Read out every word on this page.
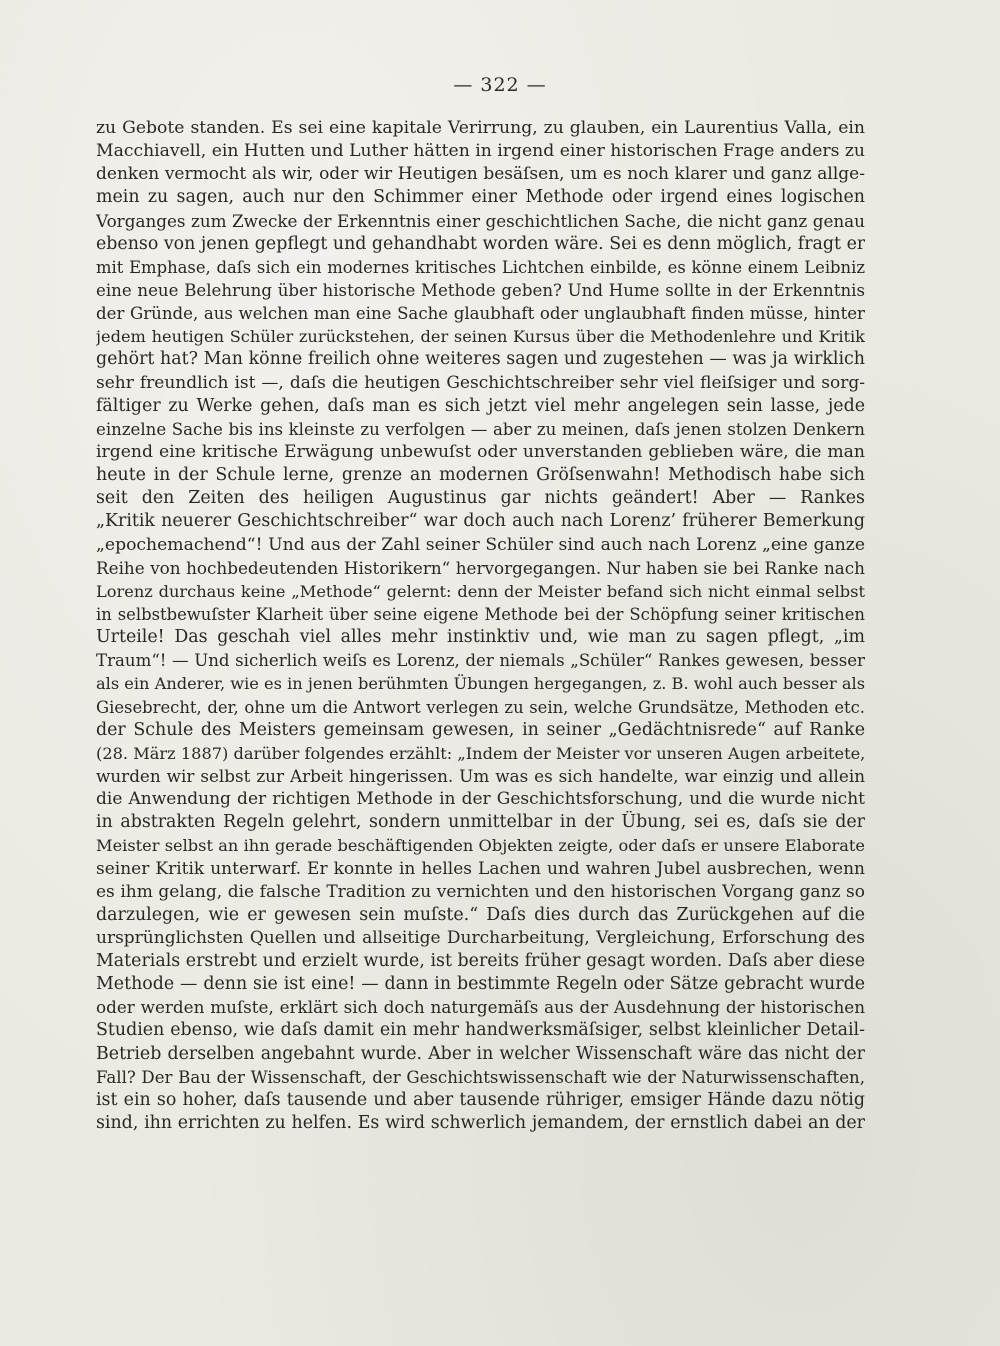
— 322 —
zu Gebote standen. Es sei eine kapitale Verirrung, zu glauben, ein Laurentius Valla, ein
Macchiavell, ein Hutten und Luther hätten in irgend einer historischen Frage anders zu
denken vermocht als wir, oder wir Heutigen besäſsen, um es noch klarer und ganz allge-
mein zu sagen, auch nur den Schimmer einer Methode oder irgend eines logischen
Vorganges zum Zwecke der Erkenntnis einer geschichtlichen Sache, die nicht ganz genau
ebenso von jenen gepflegt und gehandhabt worden wäre. Sei es denn möglich, fragt er
mit Emphase, daſs sich ein modernes kritisches Lichtchen einbilde, es könne einem Leibniz
eine neue Belehrung über historische Methode geben? Und Hume sollte in der Erkenntnis
der Gründe, aus welchen man eine Sache glaubhaft oder unglaubhaft finden müsse, hinter
jedem heutigen Schüler zurückstehen, der seinen Kursus über die Methodenlehre und Kritik
gehört hat? Man könne freilich ohne weiteres sagen und zugestehen — was ja wirklich
sehr freundlich ist —, daſs die heutigen Geschichtschreiber sehr viel fleiſsiger und sorg-
fältiger zu Werke gehen, daſs man es sich jetzt viel mehr angelegen sein lasse, jede
einzelne Sache bis ins kleinste zu verfolgen — aber zu meinen, daſs jenen stolzen Denkern
irgend eine kritische Erwägung unbewuſst oder unverstanden geblieben wäre, die man
heute in der Schule lerne, grenze an modernen Gröſsenwahn! Methodisch habe sich
seit den Zeiten des heiligen Augustinus gar nichts geändert! Aber — Rankes
„Kritik neuerer Geschichtschreiber“ war doch auch nach Lorenz’ früherer Bemerkung
„epochemachend“! Und aus der Zahl seiner Schüler sind auch nach Lorenz „eine ganze
Reihe von hochbedeutenden Historikern“ hervorgegangen. Nur haben sie bei Ranke nach
Lorenz durchaus keine „Methode“ gelernt: denn der Meister befand sich nicht einmal selbst
in selbstbewuſster Klarheit über seine eigene Methode bei der Schöpfung seiner kritischen
Urteile! Das geschah viel alles mehr instinktiv und, wie man zu sagen pflegt, „im
Traum“! — Und sicherlich weiſs es Lorenz, der niemals „Schüler“ Rankes gewesen, besser
als ein Anderer, wie es in jenen berühmten Übungen hergegangen, z. B. wohl auch besser als
Giesebrecht, der, ohne um die Antwort verlegen zu sein, welche Grundsätze, Methoden etc.
der Schule des Meisters gemeinsam gewesen, in seiner „Gedächtnisrede“ auf Ranke
(28. März 1887) darüber folgendes erzählt: „Indem der Meister vor unseren Augen arbeitete,
wurden wir selbst zur Arbeit hingerissen. Um was es sich handelte, war einzig und allein
die Anwendung der richtigen Methode in der Geschichtsforschung, und die wurde nicht
in abstrakten Regeln gelehrt, sondern unmittelbar in der Übung, sei es, daſs sie der
Meister selbst an ihn gerade beschäftigenden Objekten zeigte, oder daſs er unsere Elaborate
seiner Kritik unterwarf. Er konnte in helles Lachen und wahren Jubel ausbrechen, wenn
es ihm gelang, die falsche Tradition zu vernichten und den historischen Vorgang ganz so
darzulegen, wie er gewesen sein muſste.“ Daſs dies durch das Zurückgehen auf die
ursprünglichsten Quellen und allseitige Durcharbeitung, Vergleichung, Erforschung des
Materials erstrebt und erzielt wurde, ist bereits früher gesagt worden. Daſs aber diese
Methode — denn sie ist eine! — dann in bestimmte Regeln oder Sätze gebracht wurde
oder werden muſste, erklärt sich doch naturgemäſs aus der Ausdehnung der historischen
Studien ebenso, wie daſs damit ein mehr handwerksmäſsiger, selbst kleinlicher Detail-
Betrieb derselben angebahnt wurde. Aber in welcher Wissenschaft wäre das nicht der
Fall? Der Bau der Wissenschaft, der Geschichtswissenschaft wie der Naturwissenschaften,
ist ein so hoher, daſs tausende und aber tausende rühriger, emsiger Hände dazu nötig
sind, ihn errichten zu helfen. Es wird schwerlich jemandem, der ernstlich dabei an der
